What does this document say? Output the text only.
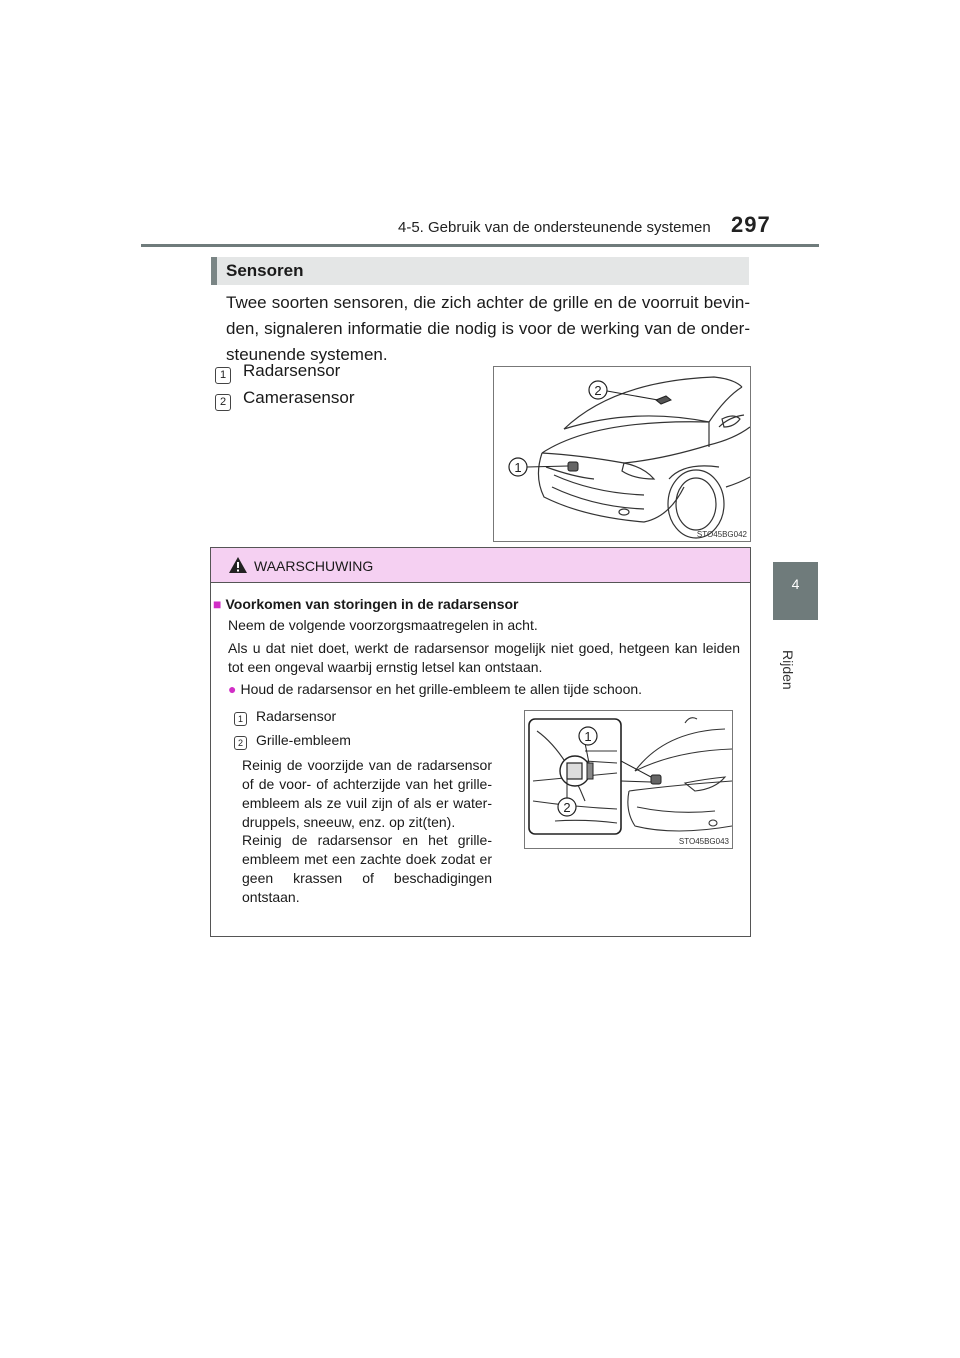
4-5. Gebruik van de ondersteunende systemen 297
4
Rijden
Sensoren
Twee soorten sensoren, die zich achter de grille en de voorruit bevin-den, signaleren informatie die nodig is voor de werking van de onder-steunende systemen.
1 Radarsensor
2 Camerasensor	2
1
STO45BG042
WAARSCHUWING
■ Voorkomen van storingen in de radarsensor
Neem de volgende voorzorgsmaatregelen in acht.
Als u dat niet doet, werkt de radarsensor mogelijk niet goed, hetgeen kan leiden tot een ongeval waarbij ernstig letsel kan ontstaan.
● Houd de radarsensor en het grille-embleem te allen tijde schoon.
1 Radarsensor
2 Grille-embleem
Reinig de voorzijde van de radarsensor of de voor- of achterzijde van het grille-embleem als ze vuil zijn of als er water-druppels, sneeuw, enz. op zit(ten).
Reinig de radarsensor en het grille-embleem met een zachte doek zodat er geen krassen of beschadigingen ontstaan.
1
2
STO45BG043
